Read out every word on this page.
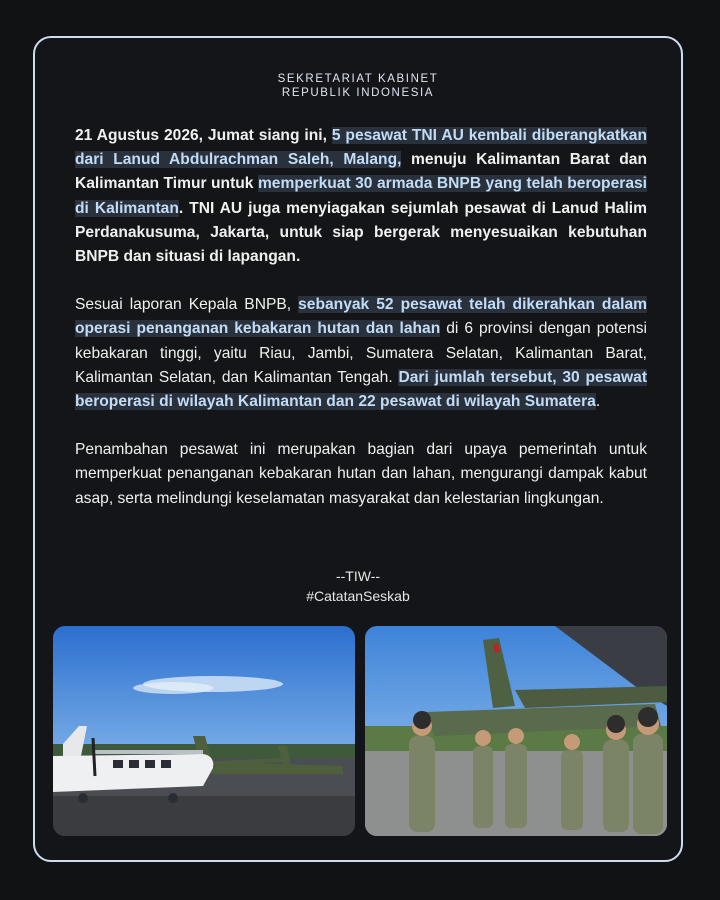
SEKRETARIAT KABINET
REPUBLIK INDONESIA

21 Agustus 2026, Jumat siang ini, 5 pesawat TNI AU kembali diberangkatkan dari Lanud Abdulrachman Saleh, Malang, menuju Kalimantan Barat dan Kalimantan Timur untuk memperkuat 30 armada BNPB yang telah beroperasi di Kalimantan. TNI AU juga menyiagakan sejumlah pesawat di Lanud Halim Perdanakusuma, Jakarta, untuk siap bergerak menyesuaikan kebutuhan BNPB dan situasi di lapangan.

Sesuai laporan Kepala BNPB, sebanyak 52 pesawat telah dikerahkan dalam operasi penanganan kebakaran hutan dan lahan di 6 provinsi dengan potensi kebakaran tinggi, yaitu Riau, Jambi, Sumatera Selatan, Kalimantan Barat, Kalimantan Selatan, dan Kalimantan Tengah. Dari jumlah tersebut, 30 pesawat beroperasi di wilayah Kalimantan dan 22 pesawat di wilayah Sumatera.

Penambahan pesawat ini merupakan bagian dari upaya pemerintah untuk memperkuat penanganan kebakaran hutan dan lahan, mengurangi dampak kabut asap, serta melindungi keselamatan masyarakat dan kelestarian lingkungan.

--TIW--
#CatatanSeskab
